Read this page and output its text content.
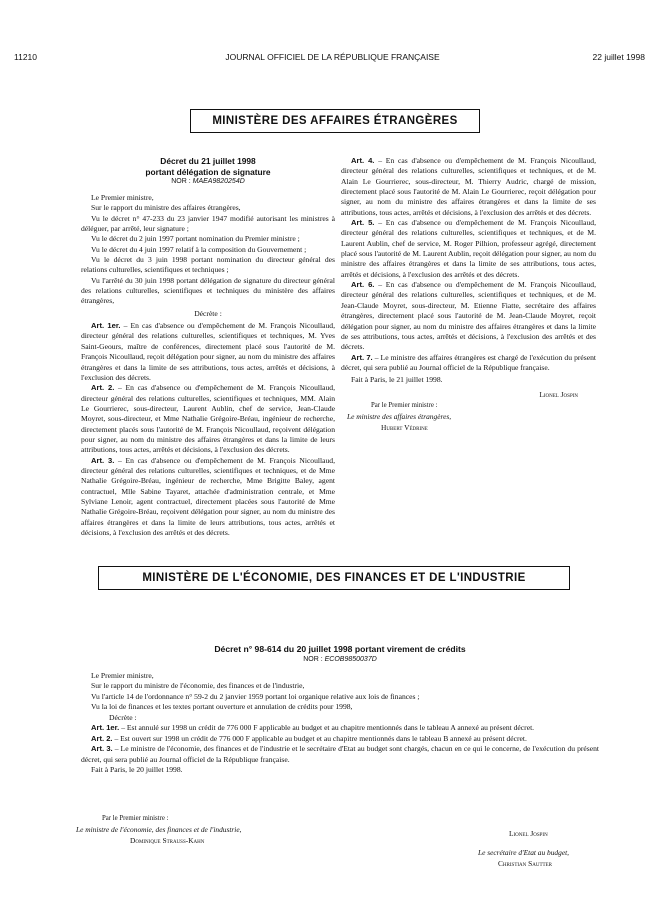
11210	JOURNAL OFFICIEL DE LA RÉPUBLIQUE FRANÇAISE	22 juillet 1998
MINISTÈRE DES AFFAIRES ÉTRANGÈRES
Décret du 21 juillet 1998
portant délégation de signature
NOR : MAEA9820254D

Le Premier ministre,

Sur le rapport du ministre des affaires étrangères,

Vu le décret n° 47-233 du 23 janvier 1947 modifié autorisant les ministres à déléguer, par arrêté, leur signature ;

Vu le décret du 2 juin 1997 portant nomination du Premier ministre ;

Vu le décret du 4 juin 1997 relatif à la composition du Gouvernement ;

Vu le décret du 3 juin 1998 portant nomination du directeur général des relations culturelles, scientifiques et techniques ;

Vu l'arrêté du 30 juin 1998 portant délégation de signature du directeur général des relations culturelles, scientifiques et techniques du ministère des affaires étrangères,

Décrète :

Art. 1er. – En cas d'absence ou d'empêchement de M. François Nicoullaud, directeur général des relations culturelles, scientifiques et techniques, M. Yves Saint-Geours, maître de conférences, directement placé sous l'autorité de M. François Nicoullaud, reçoit délégation pour signer, au nom du ministre des affaires étrangères et dans la limite de ses attributions, tous actes, arrêtés et décisions, à l'exclusion des décrets.

Art. 2. – En cas d'absence ou d'empêchement de M. François Nicoullaud, directeur général des relations culturelles, scientifiques et techniques, MM. Alain Le Gourrierec, sous-directeur, Laurent Aublin, chef de service, Jean-Claude Moyret, sous-directeur, et Mme Nathalie Grégoire-Bréau, ingénieur de recherche, directement placés sous l'autorité de M. François Nicoullaud, reçoivent délégation pour signer, au nom du ministre des affaires étrangères et dans la limite de leurs attributions, tous actes, arrêtés et décisions, à l'exclusion des décrets.

Art. 3. – En cas d'absence ou d'empêchement de M. François Nicoullaud, directeur général des relations culturelles, scientifiques et techniques, et de Mme Nathalie Grégoire-Bréau, ingénieur de recherche, Mme Brigitte Baley, agent contractuel, Mlle Sabine Tayaret, attachée d'administration centrale, et Mme Sylviane Lenoir, agent contractuel, directement placées sous l'autorité de Mme Nathalie Grégoire-Bréau, reçoivent délégation pour signer, au nom du ministre des affaires étrangères et dans la limite de leurs attributions, tous actes, arrêtés et décisions, à l'exclusion des arrêtés et des décrets.

Art. 4. – En cas d'absence ou d'empêchement de M. François Nicoullaud, directeur général des relations culturelles, scientifiques et techniques, et de M. Alain Le Gourrierec, sous-directeur, M. Thierry Audric, chargé de mission, directement placé sous l'autorité de M. Alain Le Gourrierec, reçoit délégation pour signer, au nom du ministre des affaires étrangères et dans la limite de ses attributions, tous actes, arrêtés et décisions, à l'exclusion des arrêtés et des décrets.

Art. 5. – En cas d'absence ou d'empêchement de M. François Nicoullaud, directeur général des relations culturelles, scientifiques et techniques, et de M. Laurent Aublin, chef de service, M. Roger Pilhion, professeur agrégé, directement placé sous l'autorité de M. Laurent Aublin, reçoit délégation pour signer, au nom du ministre des affaires étrangères et dans la limite de ses attributions, tous actes, arrêtés et décisions, à l'exclusion des arrêtés et des décrets.

Art. 6. – En cas d'absence ou d'empêchement de M. François Nicoullaud, directeur général des relations culturelles, scientifiques et techniques, et de M. Jean-Claude Moyret, sous-directeur, M. Etienne Fiatte, secrétaire des affaires étrangères, directement placé sous l'autorité de M. Jean-Claude Moyret, reçoit délégation pour signer, au nom du ministre des affaires étrangères et dans la limite de ses attributions, tous actes, arrêtés et décisions, à l'exclusion des arrêtés et des décrets.

Art. 7. – Le ministre des affaires étrangères est chargé de l'exécution du présent décret, qui sera publié au Journal officiel de la République française.

Fait à Paris, le 21 juillet 1998.

Lionel Jospin
Par le Premier ministre :
Le ministre des affaires étrangères,
Hubert Védrine
MINISTÈRE DE L'ÉCONOMIE, DES FINANCES ET DE L'INDUSTRIE
Décret n° 98-614 du 20 juillet 1998 portant virement de crédits
NOR : ECOB9850037D

Le Premier ministre,

Sur le rapport du ministre de l'économie, des finances et de l'industrie,

Vu l'article 14 de l'ordonnance n° 59-2 du 2 janvier 1959 portant loi organique relative aux lois de finances ;

Vu la loi de finances et les textes portant ouverture et annulation de crédits pour 1998,

Décrète :

Art. 1er. – Est annulé sur 1998 un crédit de 776 000 F applicable au budget et au chapitre mentionnés dans le tableau A annexé au présent décret.

Art. 2. – Est ouvert sur 1998 un crédit de 776 000 F applicable au budget et au chapitre mentionnés dans le tableau B annexé au présent décret.

Art. 3. – Le ministre de l'économie, des finances et de l'industrie et le secrétaire d'Etat au budget sont chargés, chacun en ce qui le concerne, de l'exécution du présent décret, qui sera publié au Journal officiel de la République française.

Fait à Paris, le 20 juillet 1998.

Lionel Jospin
Par le Premier ministre :
Le ministre de l'économie, des finances et de l'industrie,
Dominique Strauss-Kahn
Le secrétaire d'Etat au budget,
Christian Sautter
